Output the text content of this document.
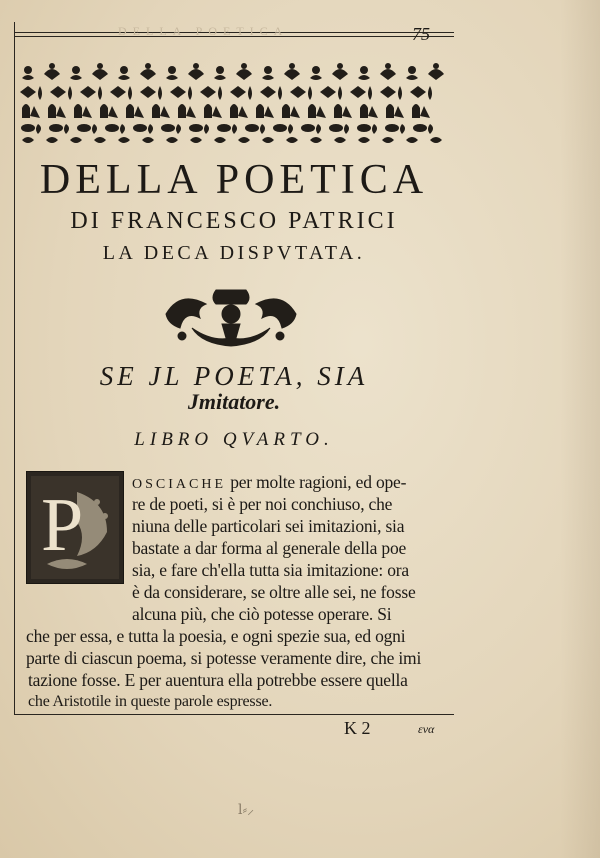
DELLA POETICA	75
DELLA POETICA
DI FRANCESCO PATRICI
LA DECA DISPVTATA.
SE JL POETA, SIA
Jmitatore.
LIBRO QVARTO.
P	OSCIACHE per molte ragioni, ed ope-
re de poeti, si è per noi conchiuso, che
niuna delle particolari sei imitazioni, sia
bastate a dar forma al generale della poe
sia, e fare ch'ella tutta sia imitazione: ora
è da considerare, se oltre alle sei, ne fosse
alcuna più, che ciò potesse operare. Si
che per essa, e tutta la poesia, e ogni spezie sua, ed ogni
parte di ciascun poema, si potesse veramente dire, che imi
tazione fosse. E per auentura ella potrebbe essere quella
che Aristotile in queste parole espresse.
K 2	ενα
ⅼ⸗⸝
